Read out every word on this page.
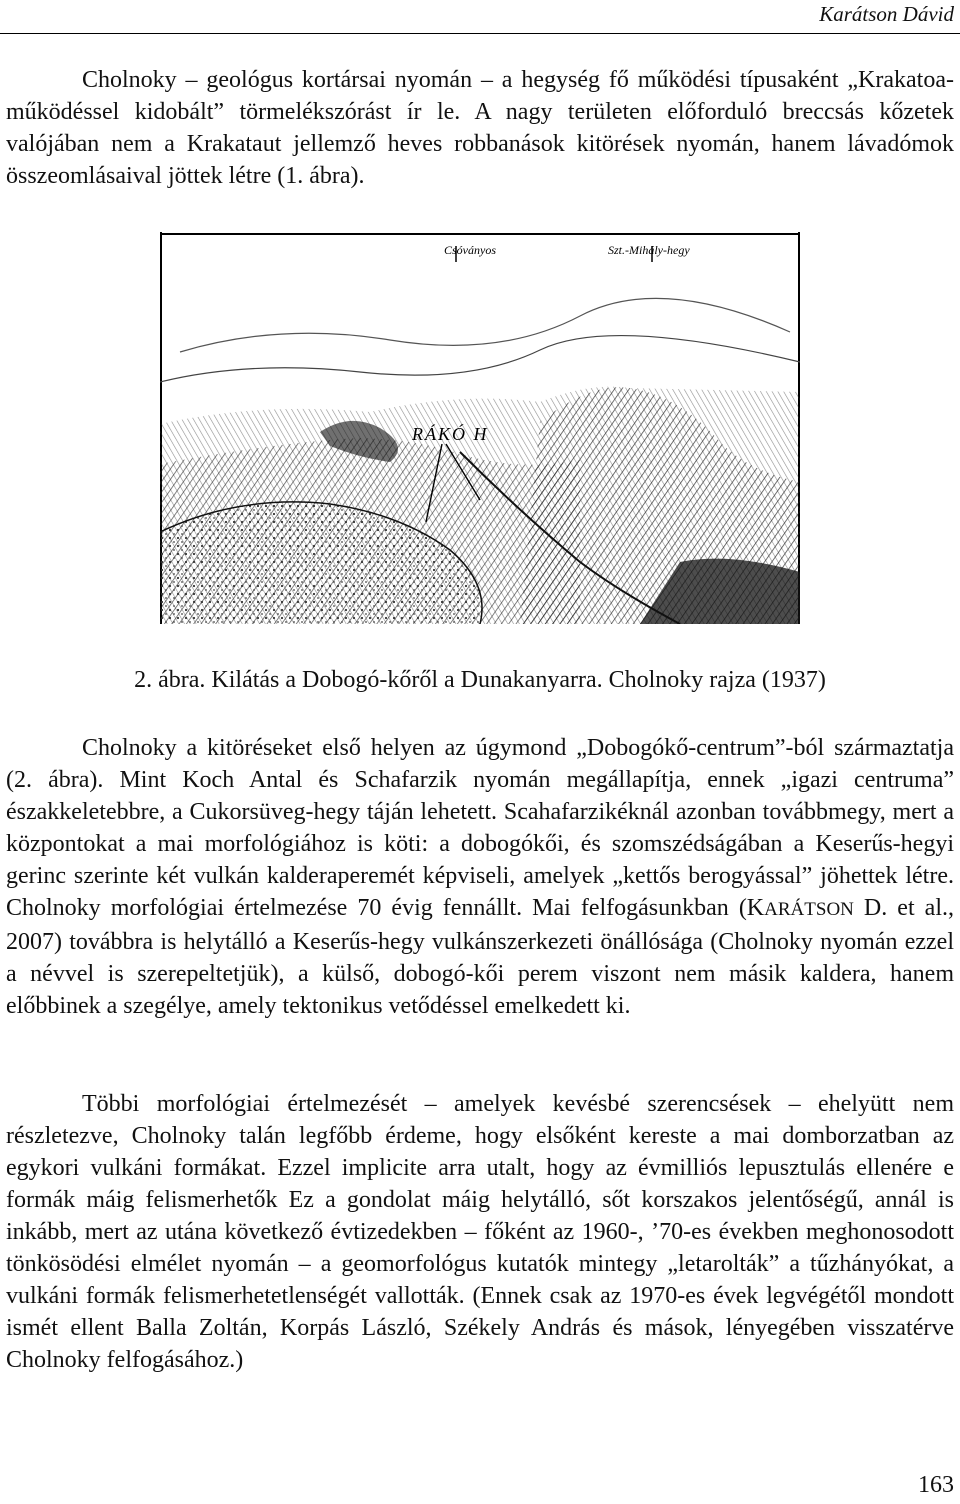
Karátson Dávid

Cholnoky – geológus kortársai nyomán – a hegység fő működési típusaként „Krakatoa-működéssel kidobált” törmelékszórást ír le. A nagy területen előforduló breccsás kőzetek valójában nem a Krakataut jellemző heves robbanások kitörések nyomán, hanem lávadómok összeomlásaival jöttek létre (1. ábra).

Csóványos	Szt.-Mihály-hegy
RÁKÓ H
2. ábra. Kilátás a Dobogó-kőről a Dunakanyarra. Cholnoky rajza (1937)

Cholnoky a kitöréseket első helyen az úgymond „Dobogókő-centrum”-ból származtatja (2. ábra). Mint Koch Antal és Schafarzik nyomán megállapítja, ennek „igazi centruma” északkeletebbre, a Cukorsüveg-hegy táján lehetett. Scahafarzikéknál azonban továbbmegy, mert a központokat a mai morfológiához is köti: a dobogókői, és szomszédságában a Keserűs-hegyi gerinc szerinte két vulkán kalderaperemét képviseli, amelyek „kettős berogyással” jöhettek létre. Cholnoky morfológiai értelmezése 70 évig fennállt. Mai felfogásunkban (KARÁTSON D. et al., 2007) továbbra is helytálló a Keserűs-hegy vulkánszerkezeti önállósága (Cholnoky nyomán ezzel a névvel is szerepeltetjük), a külső, dobogó-kői perem viszont nem másik kaldera, hanem előbbinek a szegélye, amely tektonikus vetődéssel emelkedett ki.

Többi morfológiai értelmezését – amelyek kevésbé szerencsések – ehelyütt nem részletezve, Cholnoky talán legfőbb érdeme, hogy elsőként kereste a mai domborzatban az egykori vulkáni formákat. Ezzel implicite arra utalt, hogy az évmilliós lepusztulás ellenére e formák máig felismerhetők Ez a gondolat máig helytálló, sőt korszakos jelentőségű, annál is inkább, mert az utána következő évtizedekben – főként az 1960-, ’70-es években meghonosodott tönkösödési elmélet nyomán – a geomorfológus kutatók mintegy „letarolták” a tűzhányókat, a vulkáni formák felismerhetetlenségét vallották. (Ennek csak az 1970-es évek legvégétől mondott ismét ellent Balla Zoltán, Korpás László, Székely András és mások, lényegében visszatérve Cholnoky felfogásához.)

163
